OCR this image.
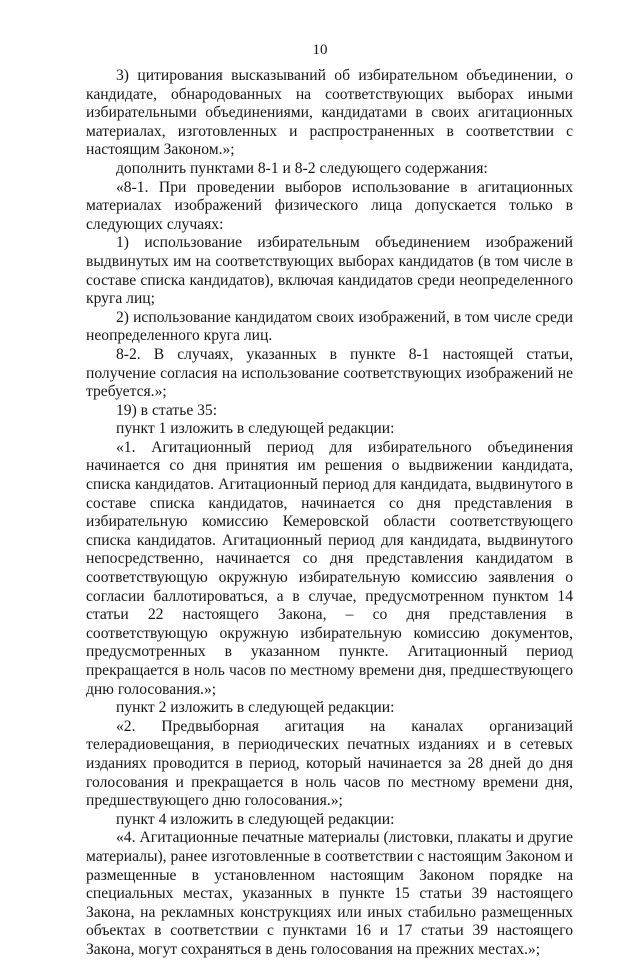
10

3) цитирования высказываний об избирательном объединении, о кандидате, обнародованных на соответствующих выборах иными избирательными объединениями, кандидатами в своих агитационных материалах, изготовленных и распространенных в соответствии с настоящим Законом.»;

дополнить пунктами 8-1 и 8-2 следующего содержания:

«8-1. При проведении выборов использование в агитационных материалах изображений физического лица допускается только в следующих случаях:

1) использование избирательным объединением изображений выдвинутых им на соответствующих выборах кандидатов (в том числе в составе списка кандидатов), включая кандидатов среди неопределенного круга лиц;

2) использование кандидатом своих изображений, в том числе среди неопределенного круга лиц.

8-2. В случаях, указанных в пункте 8-1 настоящей статьи, получение согласия на использование соответствующих изображений не требуется.»;

19) в статье 35:

пункт 1 изложить в следующей редакции:

«1. Агитационный период для избирательного объединения начинается со дня принятия им решения о выдвижении кандидата, списка кандидатов. Агитационный период для кандидата, выдвинутого в составе списка кандидатов, начинается со дня представления в избирательную комиссию Кемеровской области соответствующего списка кандидатов. Агитационный период для кандидата, выдвинутого непосредственно, начинается со дня представления кандидатом в соответствующую окружную избирательную комиссию заявления о согласии баллотироваться, а в случае, предусмотренном пунктом 14 статьи 22 настоящего Закона, – со дня представления в соответствующую окружную избирательную комиссию документов, предусмотренных в указанном пункте. Агитационный период прекращается в ноль часов по местному времени дня, предшествующего дню голосования.»;

пункт 2 изложить в следующей редакции:

«2. Предвыборная агитация на каналах организаций телерадиовещания, в периодических печатных изданиях и в сетевых изданиях проводится в период, который начинается за 28 дней до дня голосования и прекращается в ноль часов по местному времени дня, предшествующего дню голосования.»;

пункт 4 изложить в следующей редакции:

«4. Агитационные печатные материалы (листовки, плакаты и другие материалы), ранее изготовленные в соответствии с настоящим Законом и размещенные в установленном настоящим Законом порядке на специальных местах, указанных в пункте 15 статьи 39 настоящего Закона, на рекламных конструкциях или иных стабильно размещенных объектах в соответствии с пунктами 16 и 17 статьи 39 настоящего Закона, могут сохраняться в день голосования на прежних местах.»;
